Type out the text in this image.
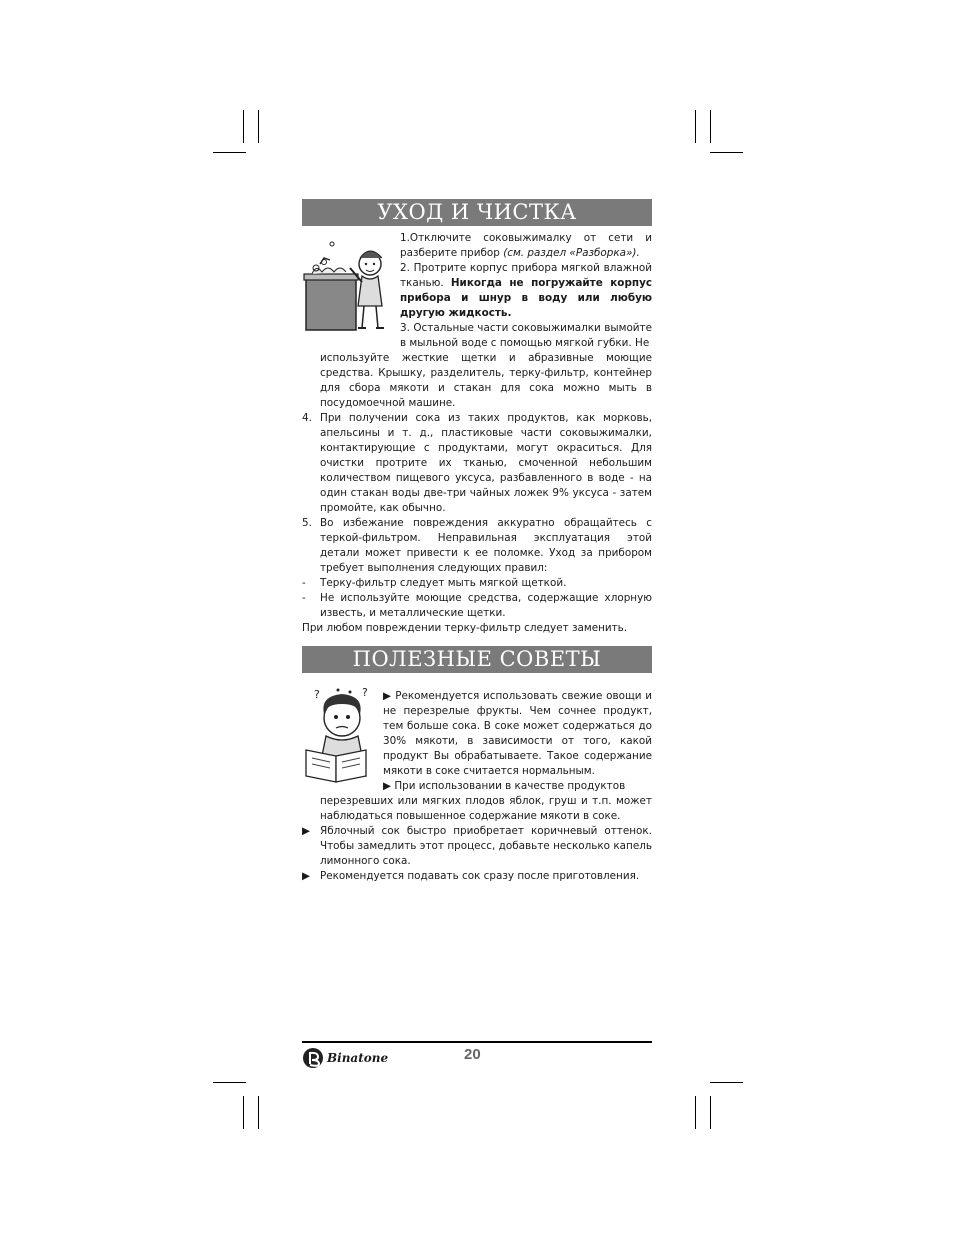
УХОД И ЧИСТКА

1.Отключите соковыжималку от сети и разберите прибор (см. раздел «Разборка»).

2. Протрите корпус прибора мягкой влажной тканью. Никогда не погружайте корпус прибора и шнур в воду или любую другую жидкость.

3. Остальные части соковыжималки вымойте в мыльной воде с помощью мягкой губки. Не

используйте жесткие щетки и абразивные моющие средства. Крышку, разделитель, терку-фильтр, контейнер для сбора мякоти и стакан для сока можно мыть в посудомоечной машине.

4. При получении сока из таких продуктов, как морковь, апельсины и т. д., пластиковые части соковыжималки, контактирующие с продуктами, могут окраситься. Для очистки протрите их тканью, смоченной небольшим количеством пищевого уксуса, разбавленного в воде - на один стакан воды две-три чайных ложек 9% уксуса - затем промойте, как обычно.
5. Во избежание повреждения аккуратно обращайтесь с теркой-фильтром. Неправильная эксплуатация этой детали может привести к ее поломке. Уход за прибором требует выполнения следующих правил:
- Терку-фильтр следует мыть мягкой щеткой.
- Не используйте моющие средства, содержащие хлорную известь, и металлические щетки.

При любом повреждении терку-фильтр следует заменить.

ПОЛЕЗНЫЕ СОВЕТЫ
?	? ▶ Рекомендуется использовать свежие овощи и не перезрелые фрукты. Чем сочнее продукт, тем больше сока. В соке может содержаться до 30% мякоти, в зависимости от того, какой продукт Вы обрабатываете. Такое содержание мякоти в соке считается нормальным.

▶ При использовании в качестве продуктов

перезревших или мягких плодов яблок, груш и т.п. может наблюдаться повышенное содержание мякоти в соке.

▶ Яблочный сок быстро приобретает коричневый оттенок. Чтобы замедлить этот процесс, добавьте несколько капель лимонного сока.
▶ Рекомендуется подавать сок сразу после приготовления.
Binatone	20
